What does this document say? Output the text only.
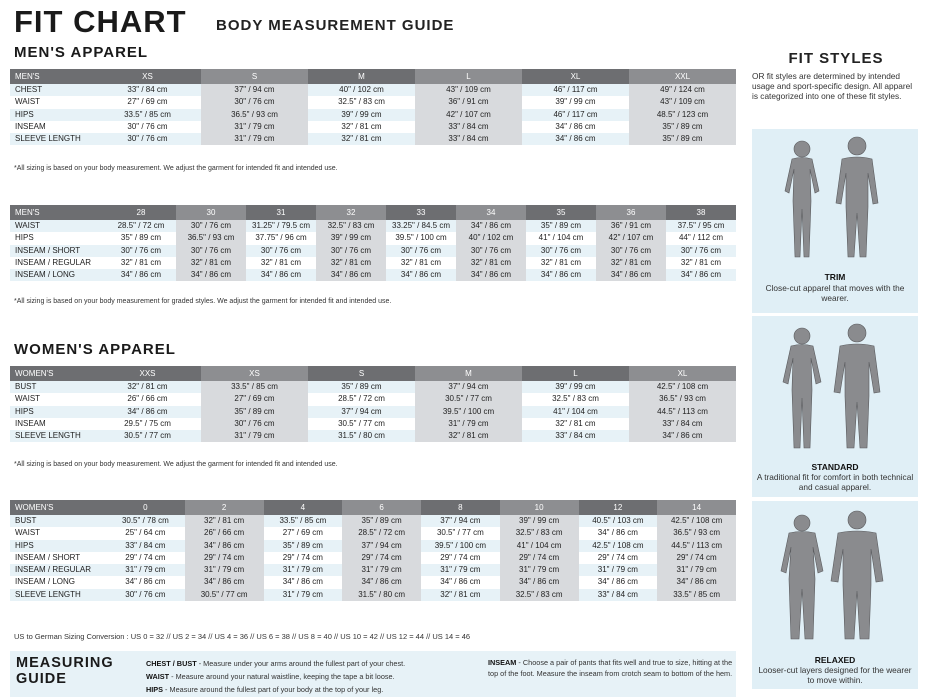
FIT CHART BODY MEASUREMENT GUIDE
MEN'S APPAREL
MEN'S	XS	S	M	L	XL	XXL
CHEST	33" / 84 cm	37" / 94 cm	40" / 102 cm	43" / 109 cm	46" / 117 cm	49" / 124 cm
WAIST	27" / 69 cm	30" / 76 cm	32.5" / 83 cm	36" / 91 cm	39" / 99 cm	43" / 109 cm
HIPS	33.5" / 85 cm	36.5" / 93 cm	39" / 99 cm	42" / 107 cm	46" / 117 cm	48.5" / 123 cm
INSEAM	30" / 76 cm	31" / 79 cm	32" / 81 cm	33" / 84 cm	34" / 86 cm	35" / 89 cm
SLEEVE LENGTH	30" / 76 cm	31" / 79 cm	32" / 81 cm	33" / 84 cm	34" / 86 cm	35" / 89 cm
*All sizing is based on your body measurement. We adjust the garment for intended fit and intended use.
MEN'S	28	30	31	32	33	34	35	36	38
WAIST	28.5" / 72 cm	30" / 76 cm	31.25" / 79.5 cm	32.5" / 83 cm	33.25" / 84.5 cm	34" / 86 cm	35" / 89 cm	36" / 91 cm	37.5" / 95 cm
HIPS	35" / 89 cm	36.5" / 93 cm	37.75" / 96 cm	39" / 99 cm	39.5" / 100 cm	40" / 102 cm	41" / 104 cm	42" / 107 cm	44" / 112 cm
INSEAM / SHORT	30" / 76 cm	30" / 76 cm	30" / 76 cm	30" / 76 cm	30" / 76 cm	30" / 76 cm	30" / 76 cm	30" / 76 cm	30" / 76 cm
INSEAM / REGULAR	32" / 81 cm	32" / 81 cm	32" / 81 cm	32" / 81 cm	32" / 81 cm	32" / 81 cm	32" / 81 cm	32" / 81 cm	32" / 81 cm
INSEAM / LONG	34" / 86 cm	34" / 86 cm	34" / 86 cm	34" / 86 cm	34" / 86 cm	34" / 86 cm	34" / 86 cm	34" / 86 cm	34" / 86 cm
*All sizing is based on your body measurement for graded styles. We adjust the garment for intended fit and intended use.
WOMEN'S APPAREL
WOMEN'S	XXS	XS	S	M	L	XL
BUST	32" / 81 cm	33.5" / 85 cm	35" / 89 cm	37" / 94 cm	39" / 99 cm	42.5" / 108 cm
WAIST	26" / 66 cm	27" / 69 cm	28.5" / 72 cm	30.5" / 77 cm	32.5" / 83 cm	36.5" / 93 cm
HIPS	34" / 86 cm	35" / 89 cm	37" / 94 cm	39.5" / 100 cm	41" / 104 cm	44.5" / 113 cm
INSEAM	29.5" / 75 cm	30" / 76 cm	30.5" / 77 cm	31" / 79 cm	32" / 81 cm	33" / 84 cm
SLEEVE LENGTH	30.5" / 77 cm	31" / 79 cm	31.5" / 80 cm	32" / 81 cm	33" / 84 cm	34" / 86 cm
*All sizing is based on your body measurement. We adjust the garment for intended fit and intended use.
WOMEN'S	0	2	4	6	8	10	12	14
BUST	30.5" / 78 cm	32" / 81 cm	33.5" / 85 cm	35" / 89 cm	37" / 94 cm	39" / 99 cm	40.5" / 103 cm	42.5" / 108 cm
WAIST	25" / 64 cm	26" / 66 cm	27" / 69 cm	28.5" / 72 cm	30.5" / 77 cm	32.5" / 83 cm	34" / 86 cm	36.5" / 93 cm
HIPS	33" / 84 cm	34" / 86 cm	35" / 89 cm	37" / 94 cm	39.5" / 100 cm	41" / 104 cm	42.5" / 108 cm	44.5" / 113 cm
INSEAM / SHORT	29" / 74 cm	29" / 74 cm	29" / 74 cm	29" / 74 cm	29" / 74 cm	29" / 74 cm	29" / 74 cm	29" / 74 cm
INSEAM / REGULAR	31" / 79 cm	31" / 79 cm	31" / 79 cm	31" / 79 cm	31" / 79 cm	31" / 79 cm	31" / 79 cm	31" / 79 cm
INSEAM / LONG	34" / 86 cm	34" / 86 cm	34" / 86 cm	34" / 86 cm	34" / 86 cm	34" / 86 cm	34" / 86 cm	34" / 86 cm
SLEEVE LENGTH	30" / 76 cm	30.5" / 77 cm	31" / 79 cm	31.5" / 80 cm	32" / 81 cm	32.5" / 83 cm	33" / 84 cm	33.5" / 85 cm
US to German Sizing Conversion : US 0 = 32 // US 2 = 34 // US 4 = 36 // US 6 = 38 // US 8 = 40 // US 10 = 42 // US 12 = 44 // US 14 = 46
MEASURING GUIDE
CHEST / BUST - Measure under your arms around the fullest part of your chest.
WAIST - Measure around your natural waistline, keeping the tape a bit loose.
HIPS - Measure around the fullest part of your body at the top of your leg.
INSEAM - Choose a pair of pants that fits well and true to size, hitting at the top of the foot. Measure the inseam from crotch seam to bottom of the hem.
FIT STYLES
OR fit styles are determined by intended usage and sport-specific design. All apparel is categorized into one of these fit styles.
TRIM
Close-cut apparel that moves with the wearer.
STANDARD
A traditional fit for comfort in both technical and casual apparel.
RELAXED
Looser-cut layers designed for the wearer to move within.
